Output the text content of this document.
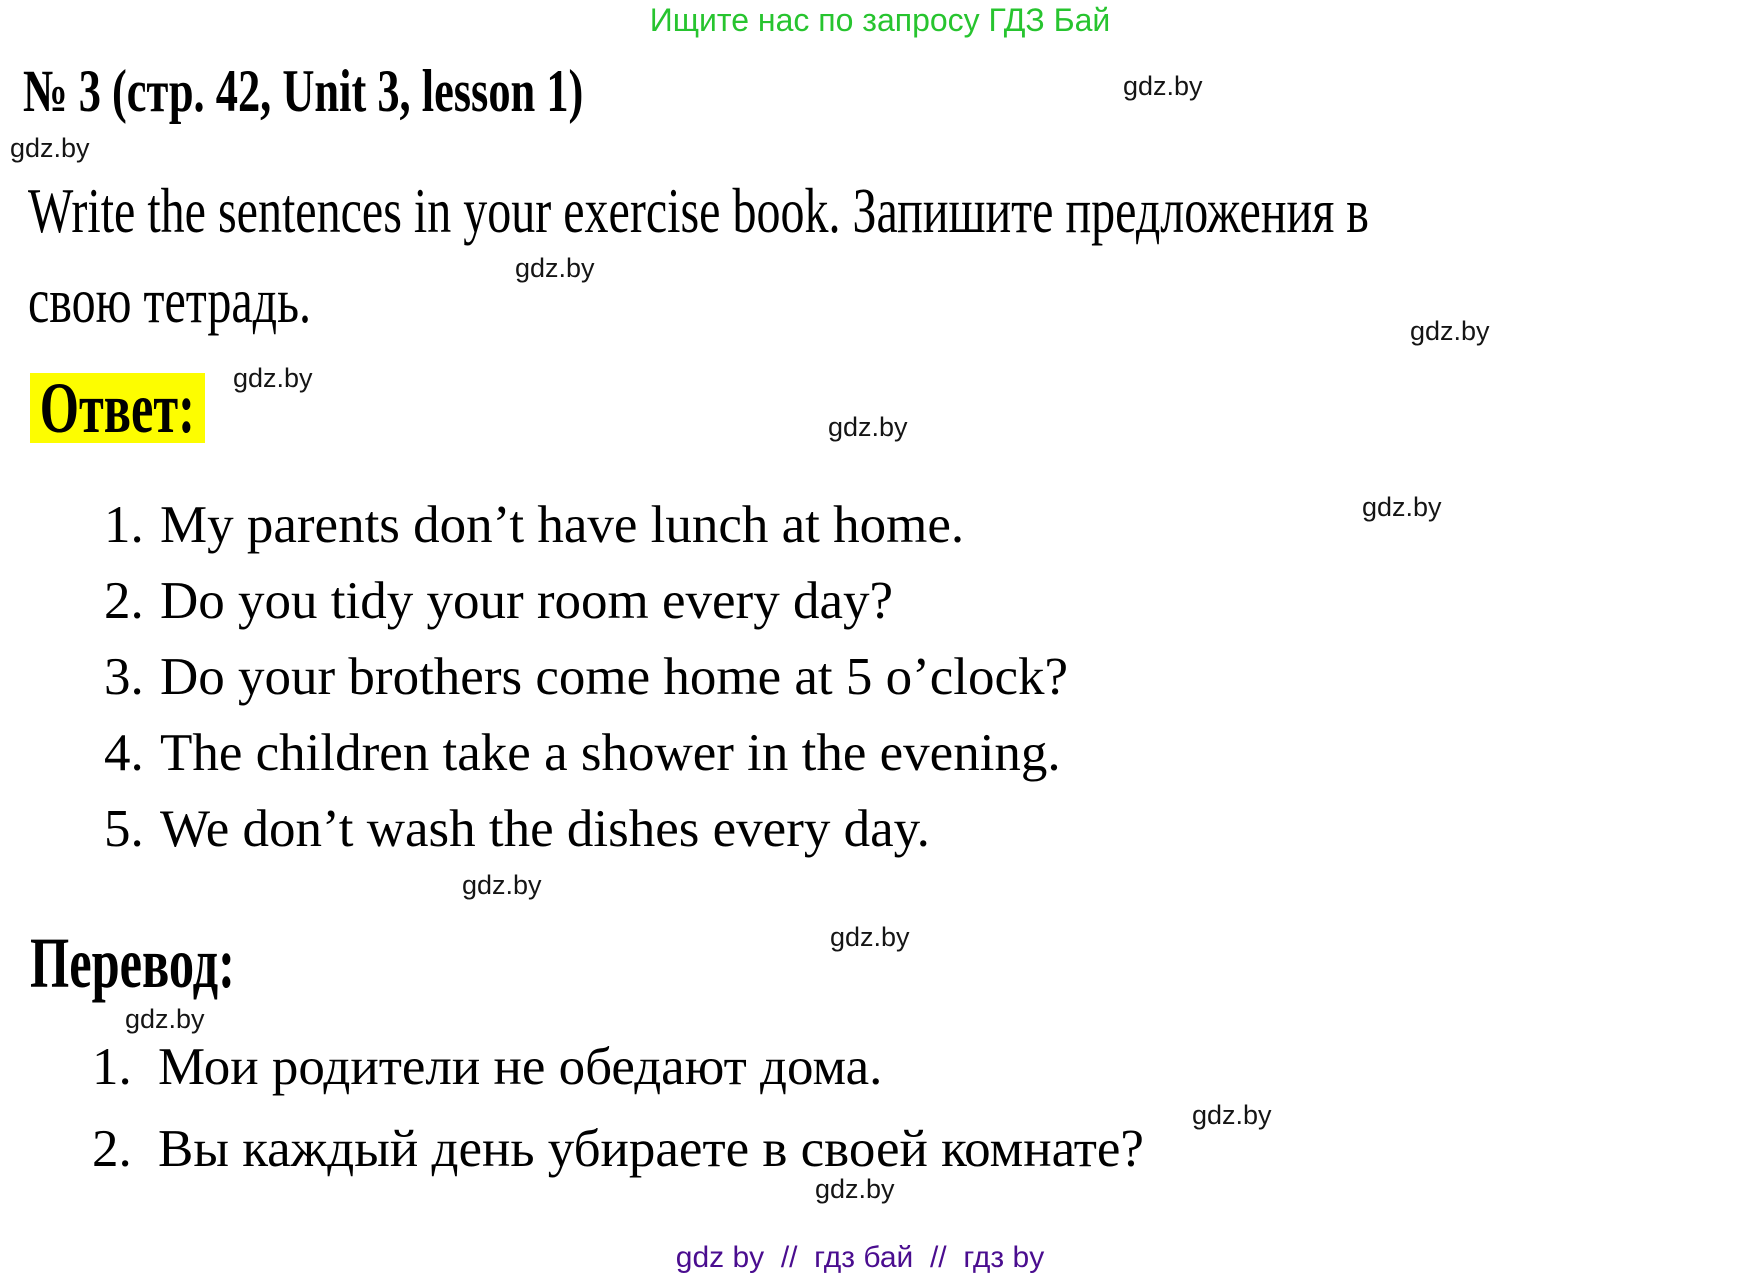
Ищите нас по запросу ГДЗ Бай
№ 3 (стр. 42, Unit 3, lesson 1)
Write the sentences in your exercise book. Запишите предложения в
свою тетрадь.
Ответ:
1. My parents don’t have lunch at home.
2. Do you tidy your room every day?
3. Do your brothers come home at 5 o’clock?
4. The children take a shower in the evening.
5. We don’t wash the dishes every day.
Перевод:
1. Мои родители не обедают дома.
2. Вы каждый день убираете в своей комнате?
gdz.by
gdz.by
gdz.by
gdz.by
gdz.by
gdz.by
gdz.by
gdz.by
gdz.by
gdz.by
gdz.by
gdz.by
gdz by  //  гдз бай  //  гдз by
